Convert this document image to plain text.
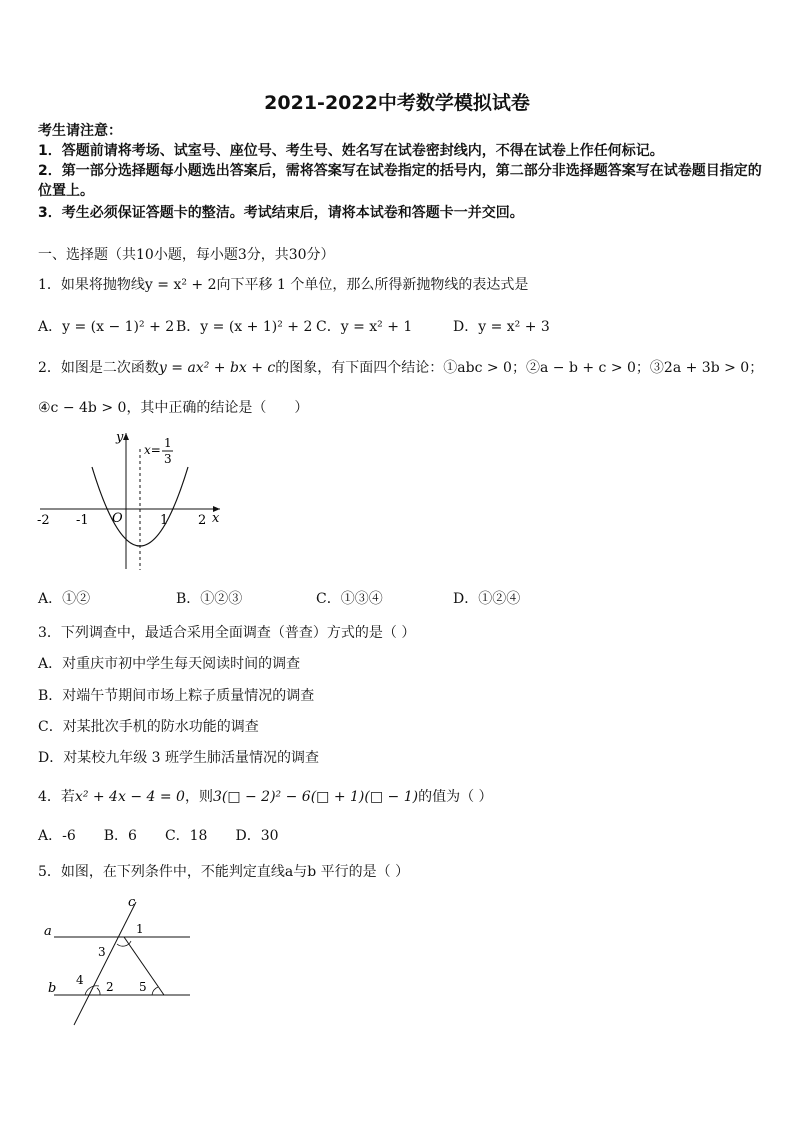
2021-2022中考数学模拟试卷
考生请注意：
1．答题前请将考场、试室号、座位号、考生号、姓名写在试卷密封线内，不得在试卷上作任何标记。
2．第一部分选择题每小题选出答案后，需将答案写在试卷指定的括号内，第二部分非选择题答案写在试卷题目指定的位置上。
3．考生必须保证答题卡的整洁。考试结束后，请将本试卷和答题卡一并交回。
一、选择题（共10小题，每小题3分，共30分）
1．如果将抛物线y = x² + 2向下平移 1 个单位，那么所得新抛物线的表达式是
A．y = (x − 1)² + 2 B．y = (x + 1)² + 2 C．y = x² + 1	D．y = x² + 3
2．如图是二次函数y = ax² + bx + c的图象，有下面四个结论：①abc > 0；②a − b + c > 0；③2a + 3b > 0；
④c − 4b > 0，其中正确的结论是（　　）
y
x
x= 1
3
O
-2 -1	1 2
A．①②	B．①②③	C．①③④	D．①②④
3．下列调查中，最适合采用全面调查（普查）方式的是（ ）
A．对重庆市初中学生每天阅读时间的调查
B．对端午节期间市场上粽子质量情况的调查
C．对某批次手机的防水功能的调查
D．对某校九年级 3 班学生肺活量情况的调查
4．若x² + 4x − 4 = 0，则3(□ − 2)² − 6(□ + 1)(□ − 1)的值为（ ）
A．-6　　B．6　　C．18　　D．30
5．如图，在下列条件中，不能判定直线a与b 平行的是（ ）
a
b
c
1
2
3
4	5
